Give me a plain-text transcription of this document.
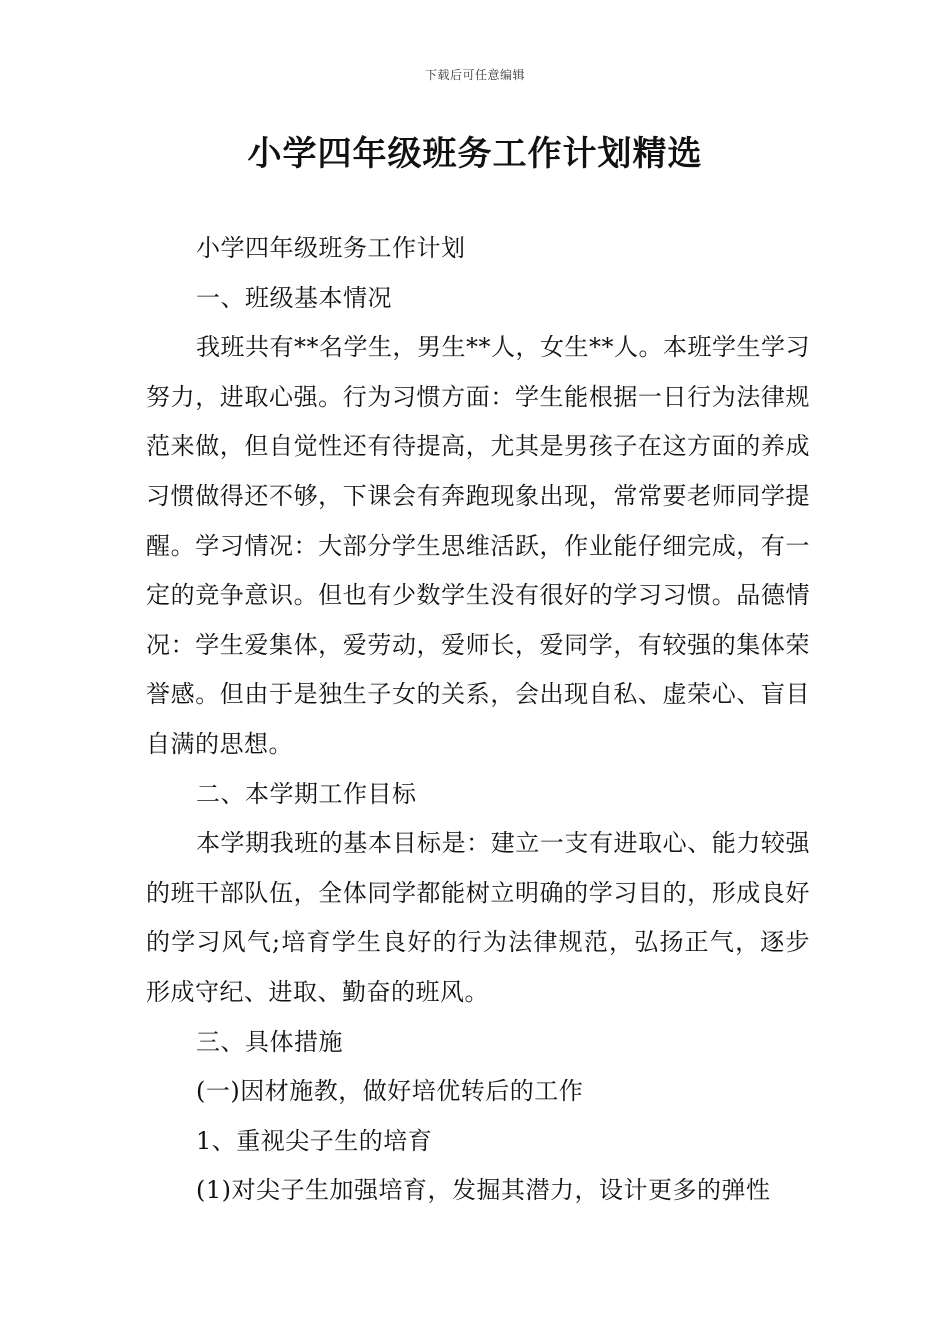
下载后可任意编辑
小学四年级班务工作计划精选

小学四年级班务工作计划

一、班级基本情况

我班共有**名学生，男生**人，女生**人。本班学生学习努力，进取心强。行为习惯方面：学生能根据一日行为法律规范来做，但自觉性还有待提高，尤其是男孩子在这方面的养成习惯做得还不够，下课会有奔跑现象出现，常常要老师同学提醒。学习情况：大部分学生思维活跃，作业能仔细完成，有一定的竞争意识。但也有少数学生没有很好的学习习惯。品德情况：学生爱集体，爱劳动，爱师长，爱同学，有较强的集体荣誉感。但由于是独生子女的关系，会出现自私、虚荣心、盲目自满的思想。

二、本学期工作目标

本学期我班的基本目标是：建立一支有进取心、能力较强的班干部队伍，全体同学都能树立明确的学习目的，形成良好的学习风气;培育学生良好的行为法律规范，弘扬正气，逐步形成守纪、进取、勤奋的班风。

三、具体措施

(一)因材施教，做好培优转后的工作

1、重视尖子生的培育

(1)对尖子生加强培育，发掘其潜力，设计更多的弹性
